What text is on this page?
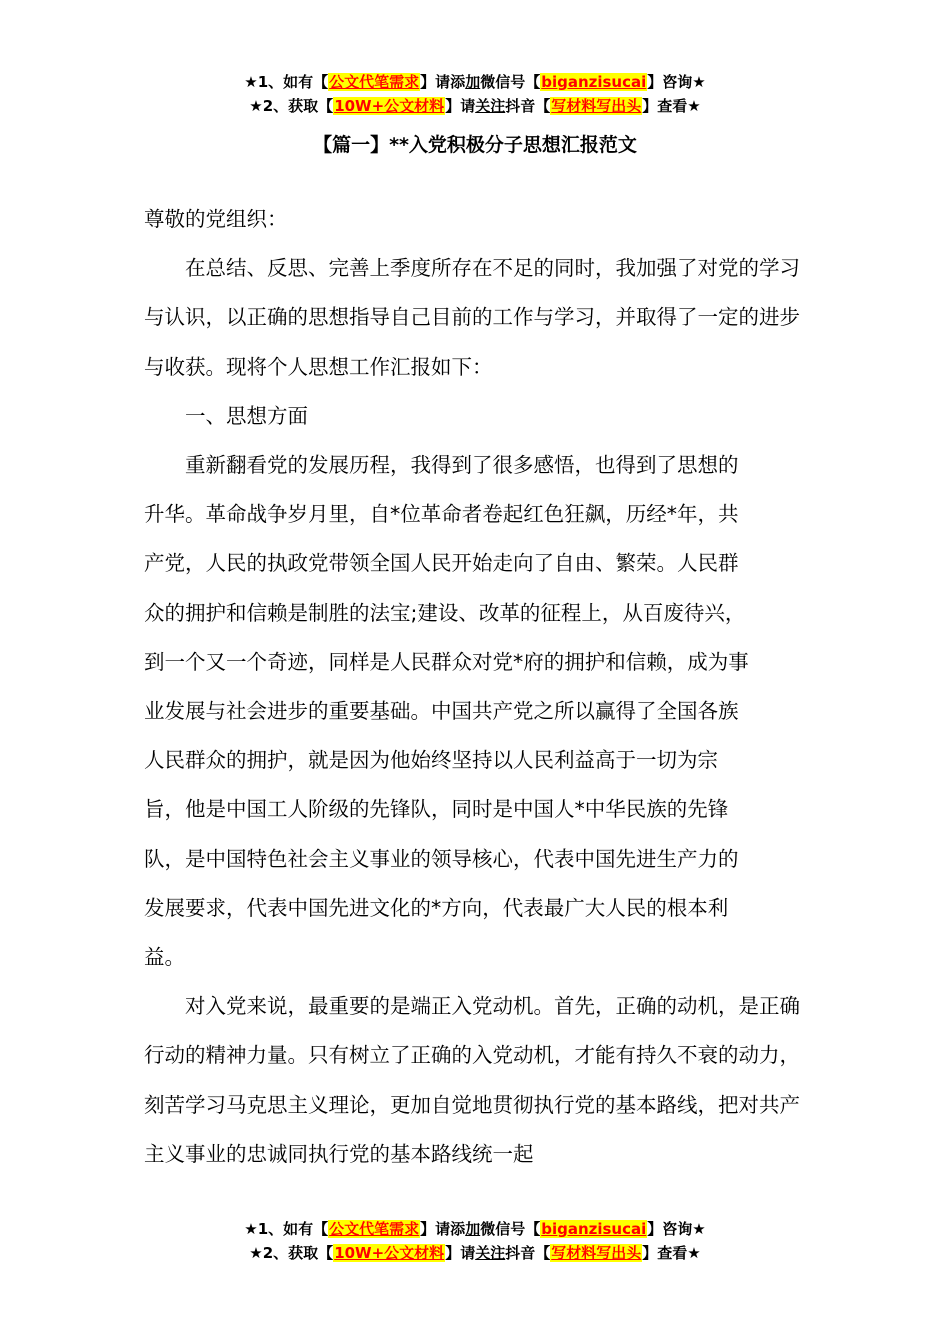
★1、如有【公文代笔需求】请添加微信号【biganzisucai】咨询★
★2、获取【10W+公文材料】请关注抖音【写材料写出头】查看★
【篇一】**入党积极分子思想汇报范文

尊敬的党组织：

在总结、反思、完善上季度所存在不足的同时，我加强了对党的学习与认识，以正确的思想指导自己目前的工作与学习，并取得了一定的进步与收获。现将个人思想工作汇报如下：

一、思想方面

重新翻看党的发展历程，我得到了很多感悟，也得到了思想的
升华。革命战争岁月里，自*位革命者卷起红色狂飙，历经*年，共
产党，人民的执政党带领全国人民开始走向了自由、繁荣。人民群
众的拥护和信赖是制胜的法宝;建设、改革的征程上，从百废待兴，
到一个又一个奇迹，同样是人民群众对党*府的拥护和信赖，成为事
业发展与社会进步的重要基础。中国共产党之所以赢得了全国各族
人民群众的拥护，就是因为他始终坚持以人民利益高于一切为宗
旨，他是中国工人阶级的先锋队，同时是中国人*中华民族的先锋
队，是中国特色社会主义事业的领导核心，代表中国先进生产力的
发展要求，代表中国先进文化的*方向，代表最广大人民的根本利
益。

对入党来说，最重要的是端正入党动机。首先，正确的动机，是正确行动的精神力量。只有树立了正确的入党动机，才能有持久不衰的动力，刻苦学习马克思主义理论，更加自觉地贯彻执行党的基本路线，把对共产主义事业的忠诚同执行党的基本路线统一起

★1、如有【公文代笔需求】请添加微信号【biganzisucai】咨询★
★2、获取【10W+公文材料】请关注抖音【写材料写出头】查看★
